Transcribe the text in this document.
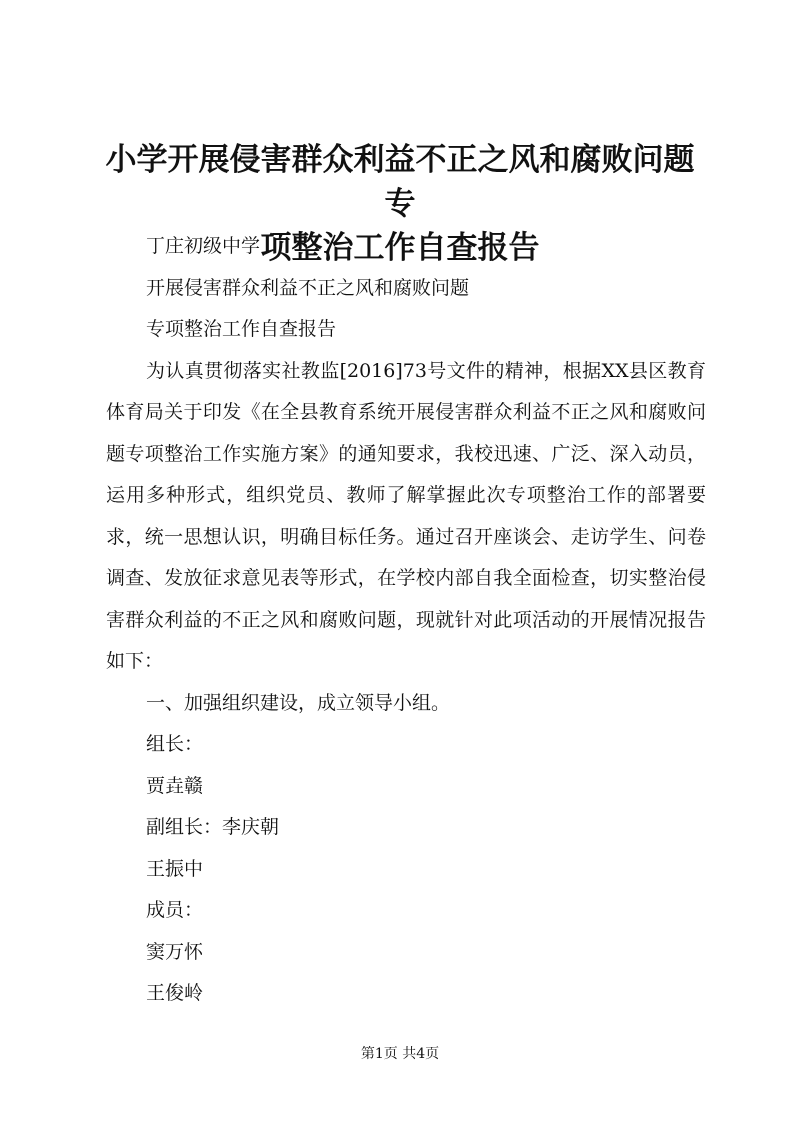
小学开展侵害群众利益不正之风和腐败问题专
项整治工作自查报告

丁庄初级中学

开展侵害群众利益不正之风和腐败问题

专项整治工作自查报告

为认真贯彻落实社教监[2016]73号文件的精神，根据XX县区教育体育局关于印发《在全县教育系统开展侵害群众利益不正之风和腐败问题专项整治工作实施方案》的通知要求，我校迅速、广泛、深入动员，运用多种形式，组织党员、教师了解掌握此次专项整治工作的部署要求，统一思想认识，明确目标任务。通过召开座谈会、走访学生、问卷调查、发放征求意见表等形式，在学校内部自我全面检查，切实整治侵害群众利益的不正之风和腐败问题，现就针对此项活动的开展情况报告如下：

一、加强组织建设，成立领导小组。

组长：

贾垚赣

副组长：李庆朝

王振中

成员：

窦万怀

王俊岭

第1页 共4页
